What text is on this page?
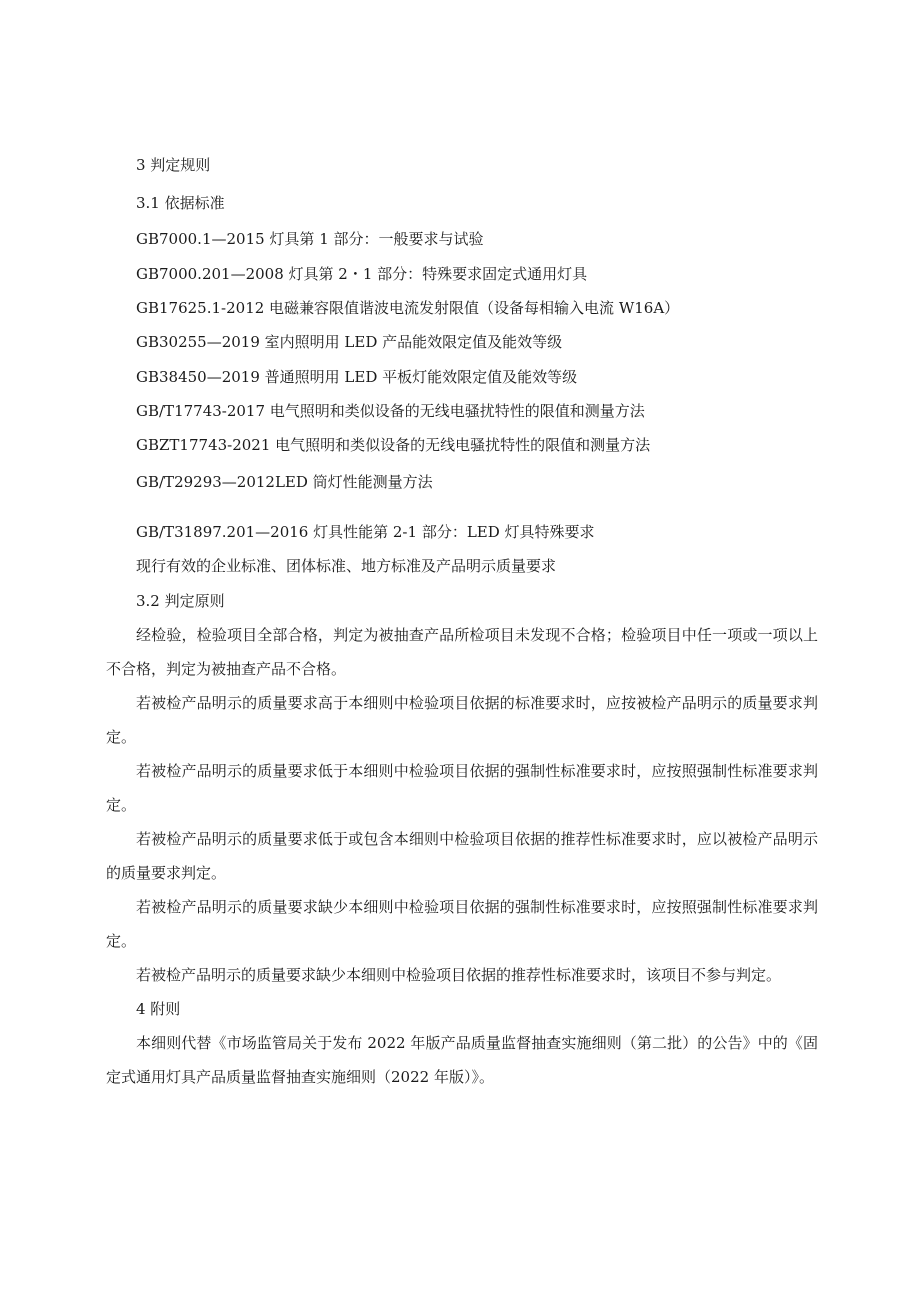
3 判定规则
3.1 依据标准
GB7000.1—2015 灯具第 1 部分：一般要求与试验
GB7000.201—2008 灯具第 2・1 部分：特殊要求固定式通用灯具
GB17625.1-2012 电磁兼容限值谐波电流发射限值（设备每相输入电流 W16A）
GB30255—2019 室内照明用 LED 产品能效限定值及能效等级
GB38450—2019 普通照明用 LED 平板灯能效限定值及能效等级
GB/T17743-2017 电气照明和类似设备的无线电骚扰特性的限值和测量方法
GBZT17743-2021 电气照明和类似设备的无线电骚扰特性的限值和测量方法
GB/T29293—2012LED 筒灯性能测量方法
GB/T31897.201—2016 灯具性能第 2-1 部分：LED 灯具特殊要求
现行有效的企业标准、团体标准、地方标准及产品明示质量要求
3.2 判定原则

经检验，检验项目全部合格，判定为被抽查产品所检项目未发现不合格；检验项目中任一项或一项以上不合格，判定为被抽查产品不合格。

若被检产品明示的质量要求高于本细则中检验项目依据的标准要求时，应按被检产品明示的质量要求判定。

若被检产品明示的质量要求低于本细则中检验项目依据的强制性标准要求时，应按照强制性标准要求判定。

若被检产品明示的质量要求低于或包含本细则中检验项目依据的推荐性标准要求时，应以被检产品明示的质量要求判定。

若被检产品明示的质量要求缺少本细则中检验项目依据的强制性标准要求时，应按照强制性标准要求判定。

若被检产品明示的质量要求缺少本细则中检验项目依据的推荐性标准要求时，该项目不参与判定。

4 附则

本细则代替《市场监管局关于发布 2022 年版产品质量监督抽查实施细则（第二批）的公告》中的《固定式通用灯具产品质量监督抽查实施细则（2022 年版）》。
